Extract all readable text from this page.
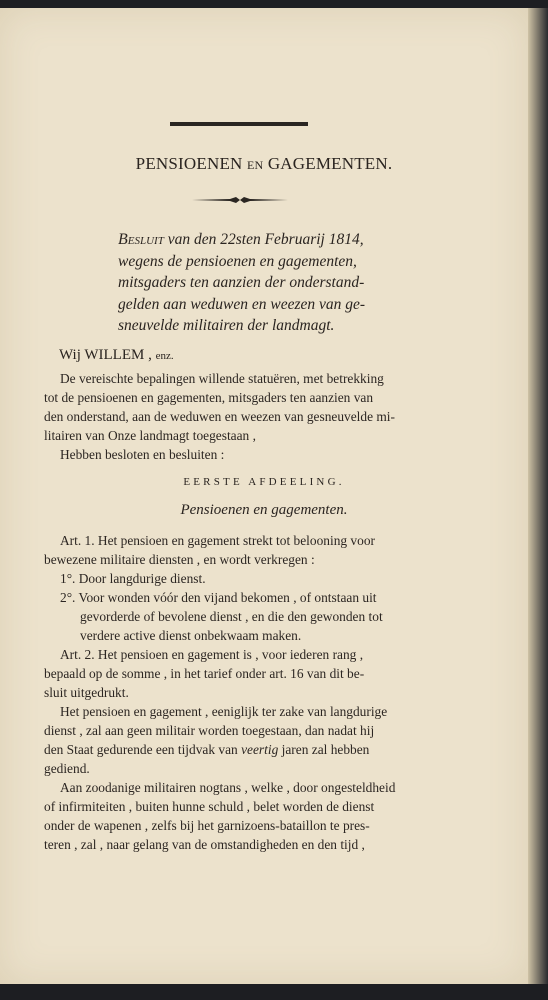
PENSIOENEN EN GAGEMENTEN.
Besluit van den 22sten Februarij 1814,
wegens de pensioenen en gagementen,
mitsgaders ten aanzien der onderstand-
gelden aan weduwen en weezen van ge-
sneuvelde militairen der landmagt.
Wij WILLEM , enz.
De vereischte bepalingen willende statuëren, met betrekking
tot de pensioenen en gagementen, mitsgaders ten aanzien van
den onderstand, aan de weduwen en weezen van gesneuvelde mi-
litairen van Onze landmagt toegestaan ,
Hebben besloten en besluiten :
EERSTE AFDEELING.
Pensioenen en gagementen.
Art. 1. Het pensioen en gagement strekt tot belooning voor
bewezene militaire diensten , en wordt verkregen :
1°. Door langdurige dienst.
2°. Voor wonden vóór den vijand bekomen , of ontstaan uit
gevorderde of bevolene dienst , en die den gewonden tot
verdere active dienst onbekwaam maken.
Art. 2. Het pensioen en gagement is , voor iederen rang ,
bepaald op de somme , in het tarief onder art. 16 van dit be-
sluit uitgedrukt.
Het pensioen en gagement , eeniglijk ter zake van langdurige
dienst , zal aan geen militair worden toegestaan, dan nadat hij
den Staat gedurende een tijdvak van veertig jaren zal hebben
gediend.
Aan zoodanige militairen nogtans , welke , door ongesteldheid
of infirmiteiten , buiten hunne schuld , belet worden de dienst
onder de wapenen , zelfs bij het garnizoens-bataillon te pres-
teren , zal , naar gelang van de omstandigheden en den tijd ,
